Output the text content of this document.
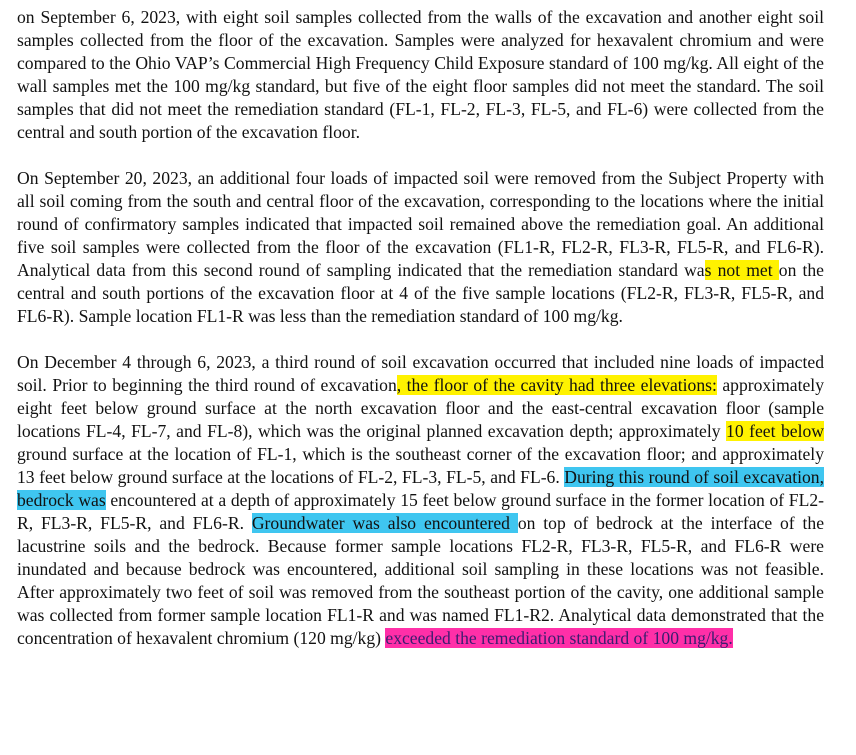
on September 6, 2023, with eight soil samples collected from the walls of the excavation and another eight soil samples collected from the floor of the excavation. Samples were analyzed for hexavalent chromium and were compared to the Ohio VAP’s Commercial High Frequency Child Exposure standard of 100 mg/kg. All eight of the wall samples met the 100 mg/kg standard, but five of the eight floor samples did not meet the standard. The soil samples that did not meet the remediation standard (FL-1, FL-2, FL-3, FL-5, and FL-6) were collected from the central and south portion of the excavation floor.

On September 20, 2023, an additional four loads of impacted soil were removed from the Subject Property with all soil coming from the south and central floor of the excavation, corresponding to the locations where the initial round of confirmatory samples indicated that impacted soil remained above the remediation goal. An additional five soil samples were collected from the floor of the excavation (FL1-R, FL2-R, FL3-R, FL5-R, and FL6-R). Analytical data from this second round of sampling indicated that the remediation standard was not met on the central and south portions of the excavation floor at 4 of the five sample locations (FL2-R, FL3-R, FL5-R, and FL6-R). Sample location FL1-R was less than the remediation standard of 100 mg/kg.

On December 4 through 6, 2023, a third round of soil excavation occurred that included nine loads of impacted soil. Prior to beginning the third round of excavation, the floor of the cavity had three elevations: approximately eight feet below ground surface at the north excavation floor and the east-central excavation floor (sample locations FL-4, FL-7, and FL-8), which was the original planned excavation depth; approximately 10 feet below ground surface at the location of FL-1, which is the southeast corner of the excavation floor; and approximately 13 feet below ground surface at the locations of FL-2, FL-3, FL-5, and FL-6. During this round of soil excavation, bedrock was encountered at a depth of approximately 15 feet below ground surface in the former location of FL2-R, FL3-R, FL5-R, and FL6-R. Groundwater was also encountered on top of bedrock at the interface of the lacustrine soils and the bedrock. Because former sample locations FL2-R, FL3-R, FL5-R, and FL6-R were inundated and because bedrock was encountered, additional soil sampling in these locations was not feasible. After approximately two feet of soil was removed from the southeast portion of the cavity, one additional sample was collected from former sample location FL1-R and was named FL1-R2. Analytical data demonstrated that the concentration of hexavalent chromium (120 mg/kg) exceeded the remediation standard of 100 mg/kg.
